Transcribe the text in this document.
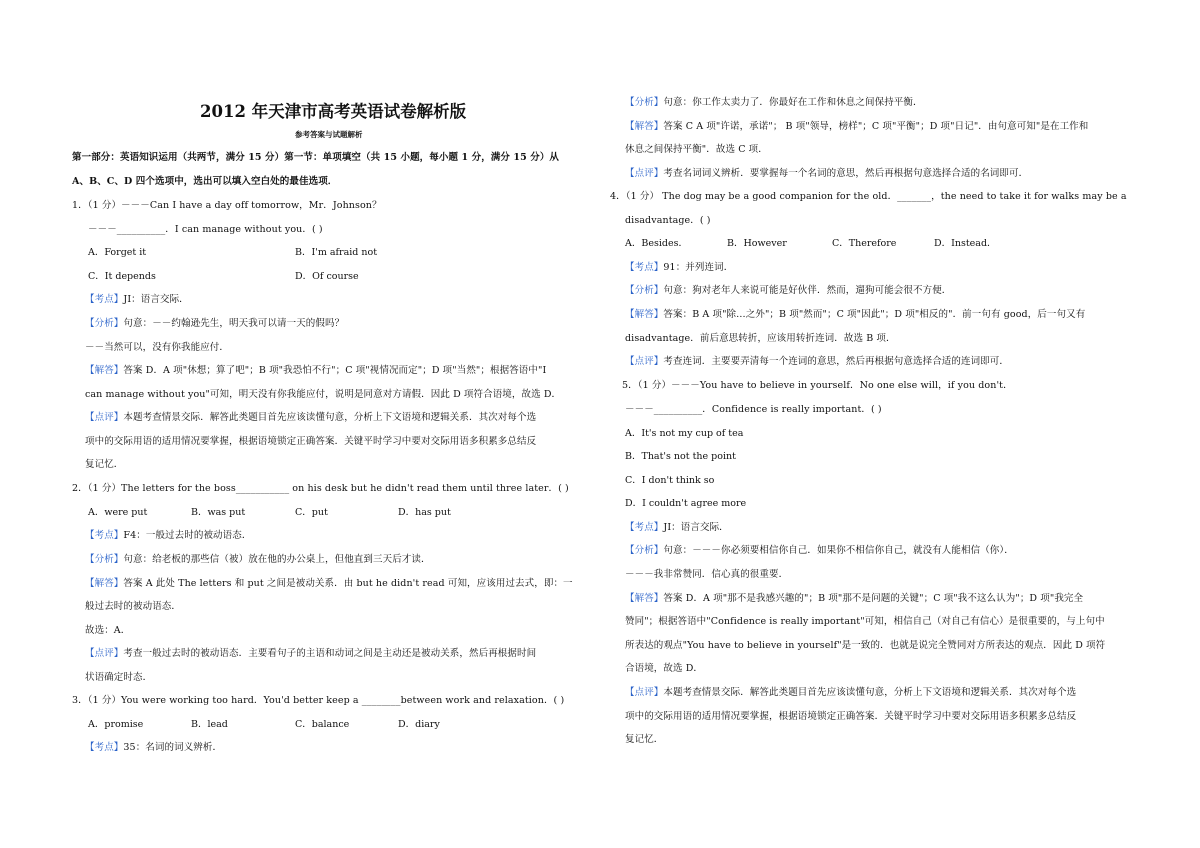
2012 年天津市高考英语试卷解析版
参考答案与试题解析
第一部分：英语知识运用（共两节，满分 15 分）第一节：单项填空（共 15 小题，每小题 1 分，满分 15 分）从
A、B、C、D 四个选项中，选出可以填入空白处的最佳选项．
1．（1 分）－－－Can I have a day off tomorrow，Mr．Johnson？
－－－__________．I can manage without you．( )
A．Forget it	B．I'm afraid not
C．It depends	D．Of course
【考点】JI：语言交际．
【分析】句意：－－约翰逊先生，明天我可以请一天的假吗？
－－当然可以，没有你我能应付．
【解答】答案 D．A 项"休想；算了吧"；B 项"我恐怕不行"；C 项"视情况而定"；D 项"当然"；根据答语中"I
can manage without you"可知，明天没有你我能应付，说明是同意对方请假．因此 D 项符合语境，故选 D．
【点评】本题考查情景交际．解答此类题目首先应该读懂句意，分析上下文语境和逻辑关系．其次对每个选
项中的交际用语的适用情况要掌握，根据语境锁定正确答案．关键平时学习中要对交际用语多积累多总结反
复记忆．
2．（1 分）The letters for the boss___________ on his desk but he didn't read them until three later．( )
A．were put	B．was put	C．put	D．has put
【考点】F4：一般过去时的被动语态．
【分析】句意：给老板的那些信（被）放在他的办公桌上，但他直到三天后才读．
【解答】答案 A 此处 The letters 和 put 之间是被动关系．由 but he didn't read 可知，应该用过去式，即：一
般过去时的被动语态．
故选：A．
【点评】考查一般过去时的被动语态．主要看句子的主语和动词之间是主动还是被动关系，然后再根据时间
状语确定时态．
3．（1 分）You were working too hard．You'd better keep a ________between work and relaxation．( )
A．promise	B．lead	C．balance	D．diary
【考点】35：名词的词义辨析．
【分析】句意：你工作太卖力了．你最好在工作和休息之间保持平衡．
【解答】答案 C A 项"许诺，承诺"； B 项"领导，榜样"；C 项"平衡"；D 项"日记"．由句意可知"是在工作和
休息之间保持平衡"．故选 C 项．
【点评】考查名词词义辨析．要掌握每一个名词的意思，然后再根据句意选择合适的名词即可．
4．（1 分） The dog may be a good companion for the old．_______，the need to take it for walks may be a
disadvantage．( )
A．Besides．	B．However	C．Therefore	D．Instead．
【考点】91：并列连词．
【分析】句意：狗对老年人来说可能是好伙伴．然而，遛狗可能会很不方便．
【解答】答案：B A 项"除…之外"；B 项"然而"；C 项"因此"；D 项"相反的"．前一句有 good，后一句又有
disadvantage．前后意思转折，应该用转折连词．故选 B 项．
【点评】考查连词．主要要弄清每一个连词的意思，然后再根据句意选择合适的连词即可．
5．（1 分）－－－You have to believe in yourself．No one else will，if you don't．
－－－__________．Confidence is really important．( )
A．It's not my cup of tea
B．That's not the point
C．I don't think so
D．I couldn't agree more
【考点】JI：语言交际．
【分析】句意：－－－你必须要相信你自己．如果你不相信你自己，就没有人能相信（你）．
－－－我非常赞同．信心真的很重要．
【解答】答案 D．A 项"那不是我感兴趣的"；B 项"那不是问题的关键"；C 项"我不这么认为"；D 项"我完全
赞同"；根据答语中"Confidence is really important"可知，相信自己（对自己有信心）是很重要的，与上句中
所表达的观点"You have to believe in yourself"是一致的．也就是说完全赞同对方所表达的观点．因此 D 项符
合语境，故选 D．
【点评】本题考查情景交际．解答此类题目首先应该读懂句意，分析上下文语境和逻辑关系．其次对每个选
项中的交际用语的适用情况要掌握，根据语境锁定正确答案．关键平时学习中要对交际用语多积累多总结反
复记忆．
